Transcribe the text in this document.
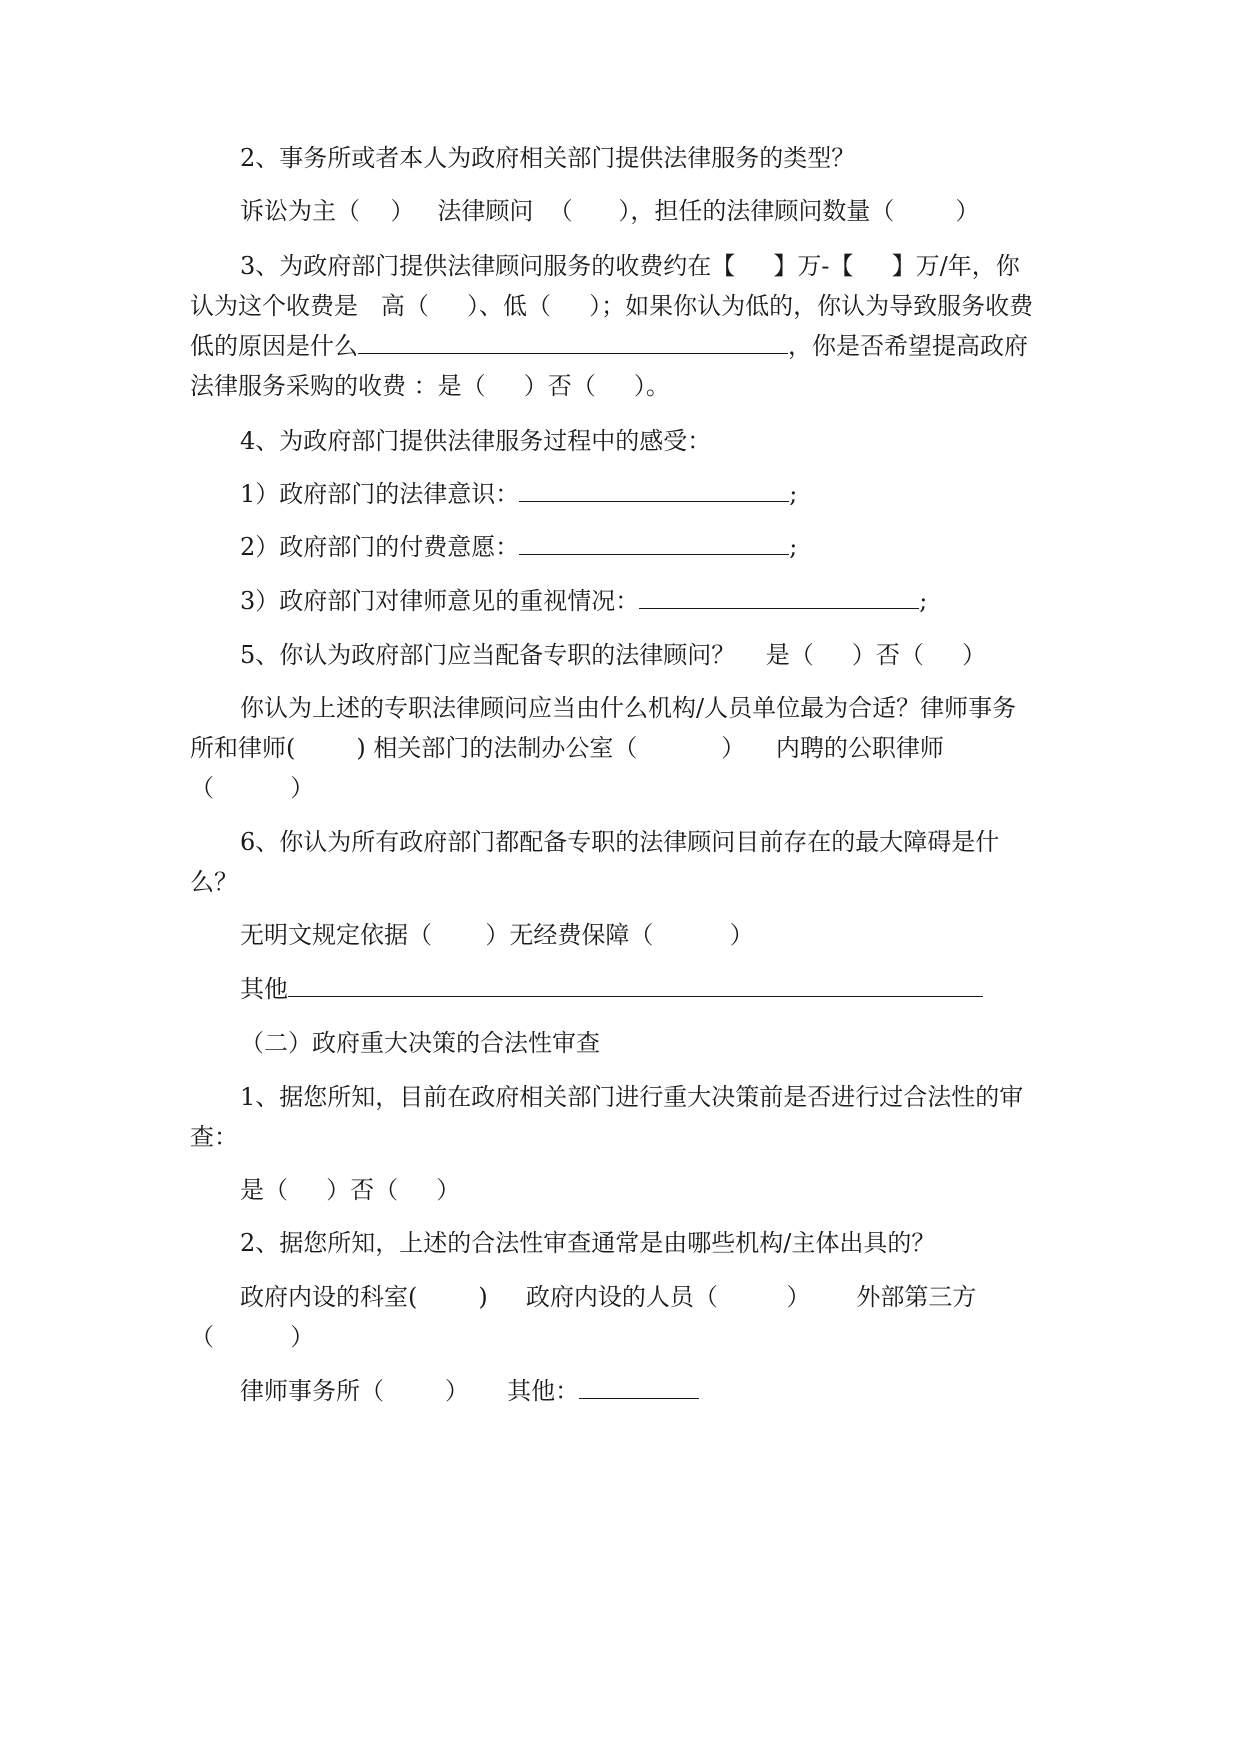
2、事务所或者本人为政府相关部门提供法律服务的类型？
诉讼为主（    ）   法律顾问  （      ），担任的法律顾问数量（        ）
3、为政府部门提供法律顾问服务的收费约在【     】万-【     】万/年，你
认为这个收费是   高（     ）、低（     ）；如果你认为低的，你认为导致服务收费
低的原因是什么	，你是否希望提高政府
法律服务采购的收费 ：是（     ）否（     ）。
4、为政府部门提供法律服务过程中的感受：
1）政府部门的法律意识：	;
2）政府部门的付费意愿：	;
3）政府部门对律师意见的重视情况：	;
5、你认为政府部门应当配备专职的法律顾问？    是（     ）否（     ）
你认为上述的专职法律顾问应当由什么机构/人员单位最为合适？律师事务
所和律师(        ) 相关部门的法制办公室（           ）    内聘的公职律师
（          ）
6、你认为所有政府部门都配备专职的法律顾问目前存在的最大障碍是什
么？
无明文规定依据（       ）无经费保障（          ）
其他
（二）政府重大决策的合法性审查
1、据您所知，目前在政府相关部门进行重大决策前是否进行过合法性的审
查：
是（     ）否（     ）
2、据您所知，上述的合法性审查通常是由哪些机构/主体出具的？
政府内设的科室(        )     政府内设的人员（         ）      外部第三方
（          ）
律师事务所（        ）     其他：
